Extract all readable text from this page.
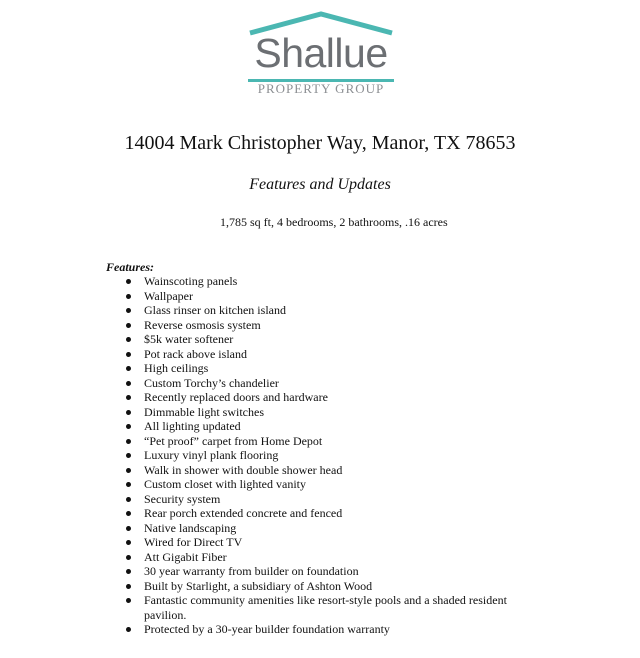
Shallue
PROPERTY GROUP
14004 Mark Christopher Way, Manor, TX 78653
Features and Updates
1,785 sq ft, 4 bedrooms, 2 bathrooms, .16 acres
Features:
Wainscoting panels
Wallpaper
Glass rinser on kitchen island
Reverse osmosis system
$5k water softener
Pot rack above island
High ceilings
Custom Torchy’s chandelier
Recently replaced doors and hardware
Dimmable light switches
All lighting updated
“Pet proof” carpet from Home Depot
Luxury vinyl plank flooring
Walk in shower with double shower head
Custom closet with lighted vanity
Security system
Rear porch extended concrete and fenced
Native landscaping
Wired for Direct TV
Att Gigabit Fiber
30 year warranty from builder on foundation
Built by Starlight, a subsidiary of Ashton Wood
Fantastic community amenities like resort-style pools and a shaded resident pavilion.
Protected by a 30-year builder foundation warranty
